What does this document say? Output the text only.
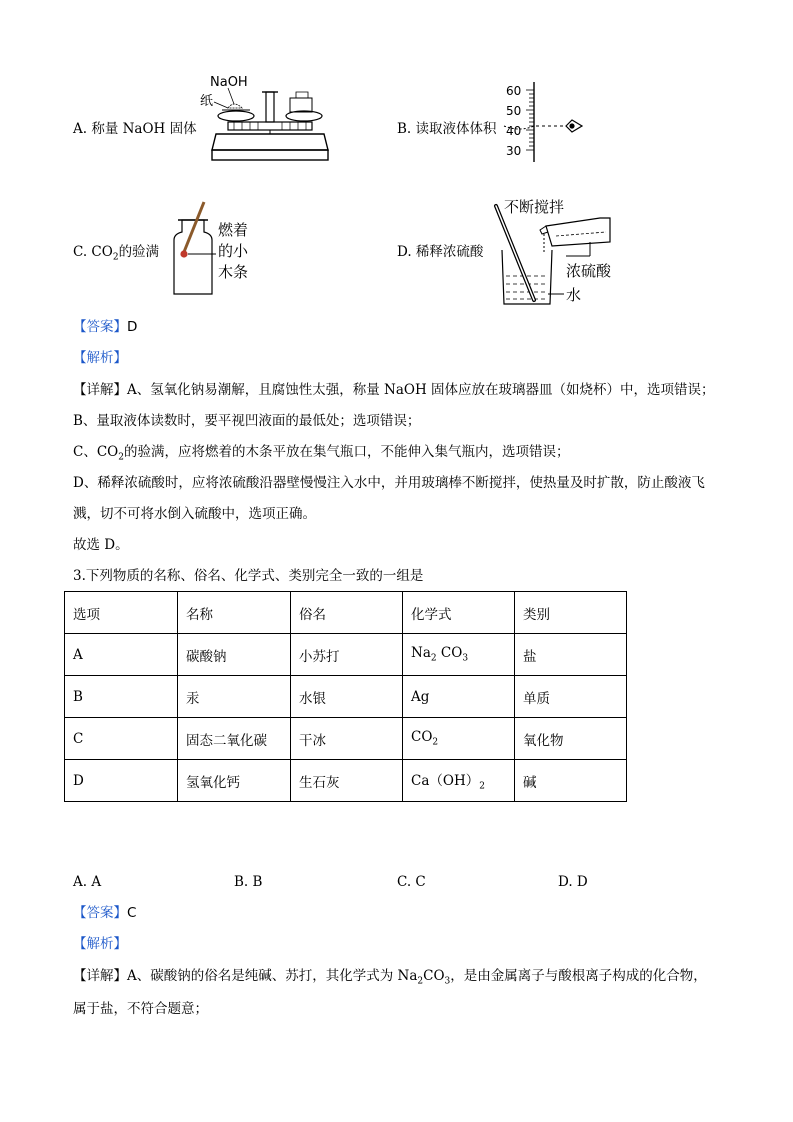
A. 称量 NaOH 固体
NaOH
纸
B. 读取液体体积
60
50
40
30
C. $CO_2$的验满
燃着
的小
木条
D. 稀释浓硫酸
不断搅拌
浓硫酸
水
【答案】D
【解析】
【详解】A、氢氧化钠易潮解，且腐蚀性太强，称量 NaOH 固体应放在玻璃器皿（如烧杯）中，选项错误；
B、量取液体读数时，要平视凹液面的最低处；选项错误；
C、$CO_2$的验满，应将燃着的木条平放在集气瓶口，不能伸入集气瓶内，选项错误；
D、稀释浓硫酸时，应将浓硫酸沿器壁慢慢注入水中，并用玻璃棒不断搅拌，使热量及时扩散，防止酸液飞
溅，切不可将水倒入硫酸中，选项正确。
故选 D。
3.下列物质的名称、俗名、化学式、类别完全一致的一组是
选项	名称	俗名	化学式	类别
A	碳酸钠	小苏打	$Na_2$ $CO_3$	盐
B	汞	水银	Ag	单质
C	固态二氧化碳	干冰	$CO_2$	氧化物
D	氢氧化钙	生石灰	$Ca(OH)_2$	碱
A. A	B. B	C. C	D. D
【答案】C
【解析】
【详解】A、碳酸钠的俗名是纯碱、苏打，其化学式为 $Na_2CO_3$，是由金属离子与酸根离子构成的化合物，
属于盐，不符合题意；
